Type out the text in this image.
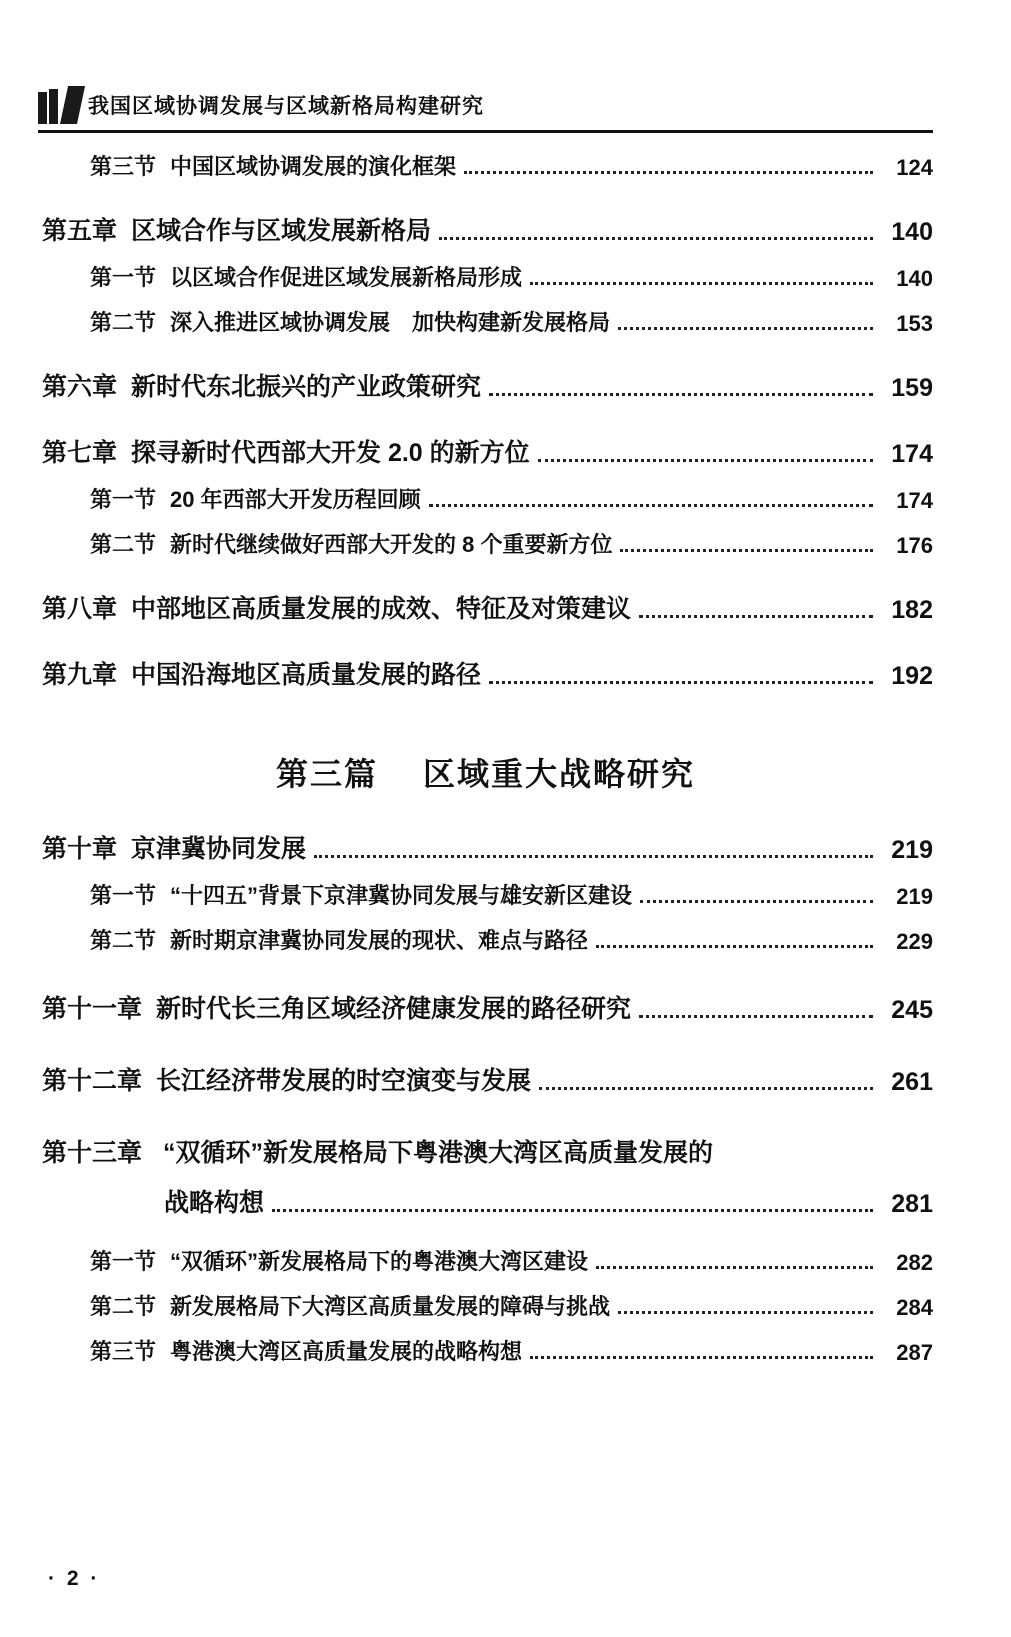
我国区域协调发展与区域新格局构建研究
第三节 中国区域协调发展的演化框架	124
第五章 区域合作与区域发展新格局	140
第一节 以区域合作促进区域发展新格局形成	140
第二节 深入推进区域协调发展　加快构建新发展格局	153
第六章 新时代东北振兴的产业政策研究	159
第七章 探寻新时代西部大开发 2.0 的新方位	174
第一节 20 年西部大开发历程回顾	174
第二节 新时代继续做好西部大开发的 8 个重要新方位	176
第八章 中部地区高质量发展的成效、特征及对策建议	182
第九章 中国沿海地区高质量发展的路径	192
第三篇 区域重大战略研究
第十章 京津冀协同发展	219
第一节 “十四五”背景下京津冀协同发展与雄安新区建设	219
第二节 新时期京津冀协同发展的现状、难点与路径	229
第十一章 新时代长三角区域经济健康发展的路径研究	245
第十二章 长江经济带发展的时空演变与发展	261
第十三章 “双循环”新发展格局下粤港澳大湾区高质量发展的
战略构想	281
第一节 “双循环”新发展格局下的粤港澳大湾区建设	282
第二节 新发展格局下大湾区高质量发展的障碍与挑战	284
第三节 粤港澳大湾区高质量发展的战略构想	287
· 2 ·
